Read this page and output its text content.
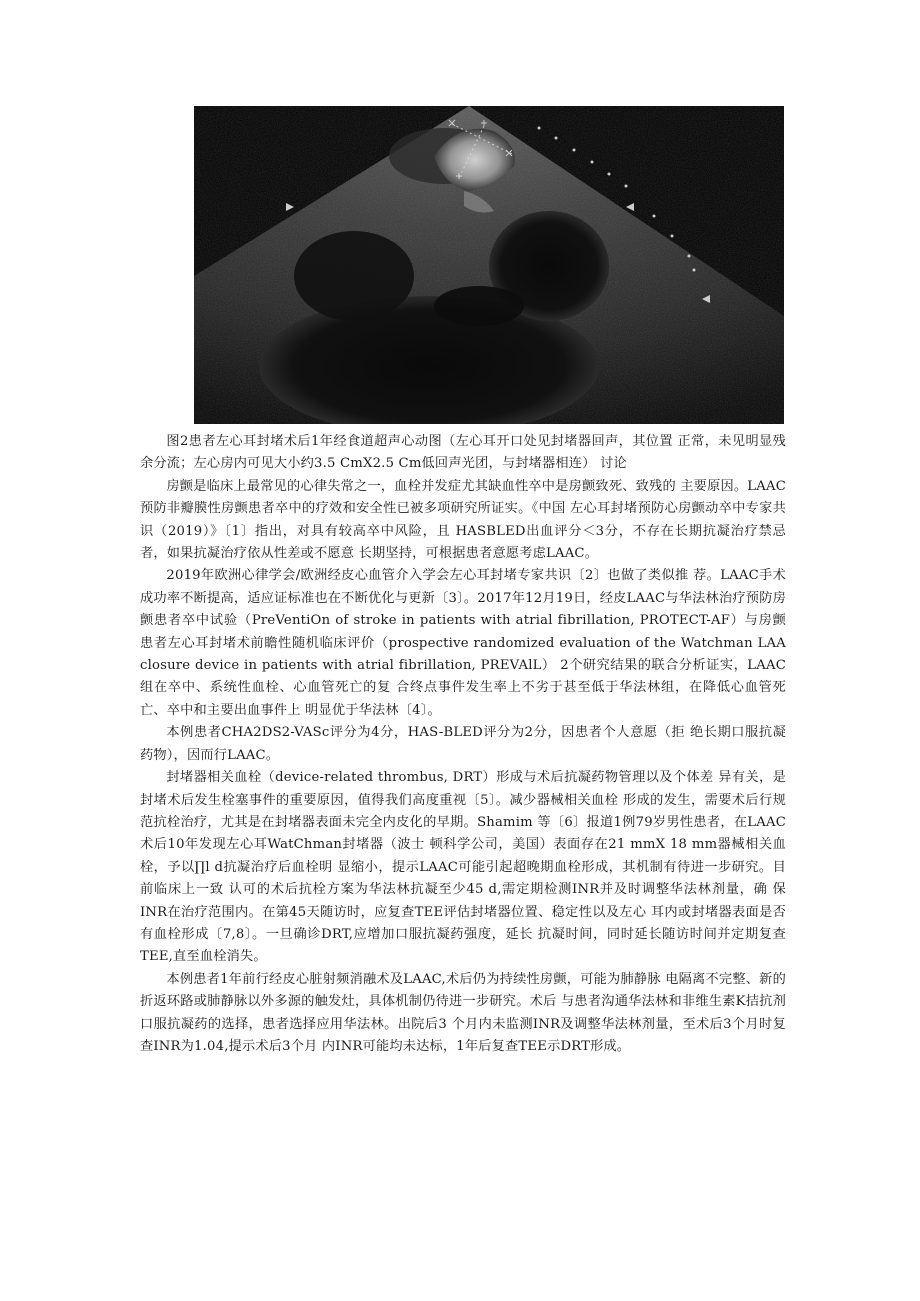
图2患者左心耳封堵术后1年经食道超声心动图（左心耳开口处见封堵器回声，其位置 正常，未见明显残余分流；左心房内可见大小约3.5 CmX2.5 Cm低回声光团，与封堵器相连） 讨论

房颤是临床上最常见的心律失常之一，血栓并发症尤其缺血性卒中是房颤致死、致残的 主要原因。LAAC预防非瓣膜性房颤患者卒中的疗效和安全性已被多项研究所证实。《中国 左心耳封堵预防心房颤动卒中专家共识（2019）》〔1〕指出，对具有较高卒中风险，且 HASBLED出血评分＜3分，不存在长期抗凝治疗禁忌者，如果抗凝治疗依从性差或不愿意 长期坚持，可根据患者意愿考虑LAAC。

2019年欧洲心律学会/欧洲经皮心血管介入学会左心耳封堵专家共识〔2〕也做了类似推 荐。LAAC手术成功率不断提高，适应证标准也在不断优化与更新〔3〕。2017年12月19日，经皮LAAC与华法林治疗预防房颤患者卒中试验（PreVentiOn of stroke in patients with atrial fibrillation, PROTECT-AF）与房颤患者左心耳封堵术前瞻性随机临床评价（prospective randomized evaluation of the Watchman LAA closure device in patients with atrial fibrillation, PREVAlL） 2个研究结果的联合分析证实，LAAC组在卒中、系统性血栓、心血管死亡的复 合终点事件发生率上不劣于甚至低于华法林组，在降低心血管死亡、卒中和主要出血事件上 明显优于华法林〔4〕。

本例患者CHA2DS2-VASc评分为4分，HAS-BLED评分为2分，因患者个人意愿（拒 绝长期口服抗凝药物），因而行LAAC。

封堵器相关血栓（device-related thrombus, DRT）形成与术后抗凝药物管理以及个体差 异有关，是封堵术后发生栓塞事件的重要原因，值得我们高度重视〔5〕。减少器械相关血栓 形成的发生，需要术后行规范抗栓治疗，尤其是在封堵器表面未完全内皮化的早期。Shamim 等〔6〕报道1例79岁男性患者，在LAAC术后10年发现左心耳WatChman封堵器（波士 顿科学公司，美国）表面存在21 mmX 18 mm器械相关血栓，予以∏l d抗凝治疗后血栓明 显缩小，提示LAAC可能引起超晚期血栓形成，其机制有待进一步研究。目前临床上一致 认可的术后抗栓方案为华法林抗凝至少45 d,需定期检测INR并及时调整华法林剂量，确 保INR在治疗范围内。在第45天随访时，应复查TEE评估封堵器位置、稳定性以及左心 耳内或封堵器表面是否有血栓形成〔7,8〕。一旦确诊DRT,应增加口服抗凝药强度，延长 抗凝时间，同时延长随访时间并定期复查TEE,直至血栓消失。

本例患者1年前行经皮心脏射频消融术及LAAC,术后仍为持续性房颤，可能为肺静脉 电隔离不完整、新的折返环路或肺静脉以外多源的触发灶，具体机制仍待进一步研究。术后 与患者沟通华法林和非维生素K拮抗剂口服抗凝药的选择，患者选择应用华法林。出院后3 个月内未监测INR及调整华法林剂量，至术后3个月时复查INR为1.04,提示术后3个月 内INR可能均未达标，1年后复查TEE示DRT形成。
